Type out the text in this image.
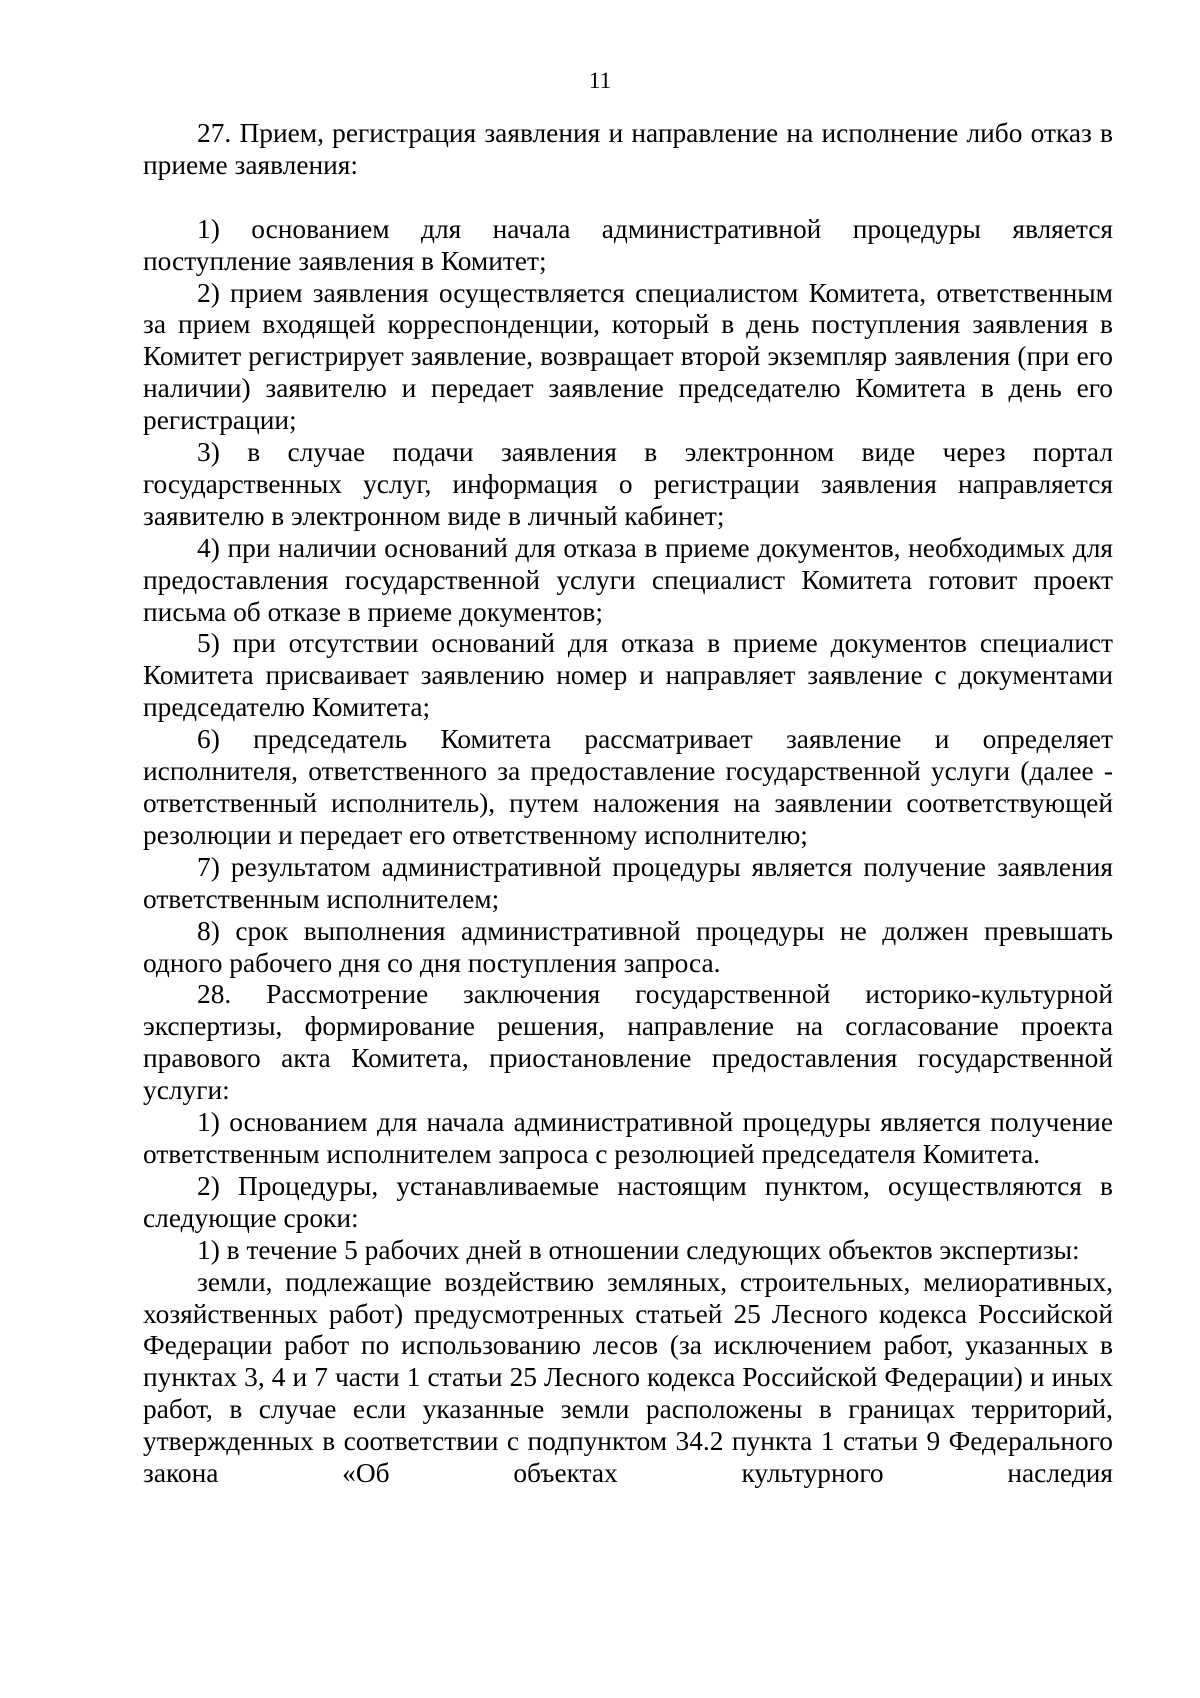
11

27. Прием, регистрация заявления и направление на исполнение либо отказ в приеме заявления:

1) основанием для начала административной процедуры является поступление заявления в Комитет;

2) прием заявления осуществляется специалистом Комитета, ответственным за прием входящей корреспонденции, который в день поступления заявления в Комитет регистрирует заявление, возвращает второй экземпляр заявления (при его наличии) заявителю и передает заявление председателю Комитета в день его регистрации;

3) в случае подачи заявления в электронном виде через портал государственных услуг, информация о регистрации заявления направляется заявителю в электронном виде в личный кабинет;

4) при наличии оснований для отказа в приеме документов, необходимых для предоставления государственной услуги специалист Комитета готовит проект письма об отказе в приеме документов;

5) при отсутствии оснований для отказа в приеме документов специалист Комитета присваивает заявлению номер и направляет заявление с документами председателю Комитета;

6) председатель Комитета рассматривает заявление и определяет исполнителя, ответственного за предоставление государственной услуги (далее - ответственный исполнитель), путем наложения на заявлении соответствующей резолюции и передает его ответственному исполнителю;

7) результатом административной процедуры является получение заявления ответственным исполнителем;

8) срок выполнения административной процедуры не должен превышать одного рабочего дня со дня поступления запроса.

28. Рассмотрение заключения государственной историко-культурной экспертизы, формирование решения, направление на согласование проекта правового акта Комитета, приостановление предоставления государственной услуги:

1) основанием для начала административной процедуры является получение ответственным исполнителем запроса с резолюцией председателя Комитета.

2) Процедуры, устанавливаемые настоящим пунктом, осуществляются в следующие сроки:

1) в течение 5 рабочих дней в отношении следующих объектов экспертизы:

земли, подлежащие воздействию земляных, строительных, мелиоративных, хозяйственных работ) предусмотренных статьей 25 Лесного кодекса Российской Федерации работ по использованию лесов (за исключением работ, указанных в пунктах 3, 4 и 7 части 1 статьи 25 Лесного кодекса Российской Федерации) и иных работ, в случае если указанные земли расположены в границах территорий, утвержденных в соответствии с подпунктом 34.2 пункта 1 статьи 9 Федерального закона «Об объектах культурного наследия
